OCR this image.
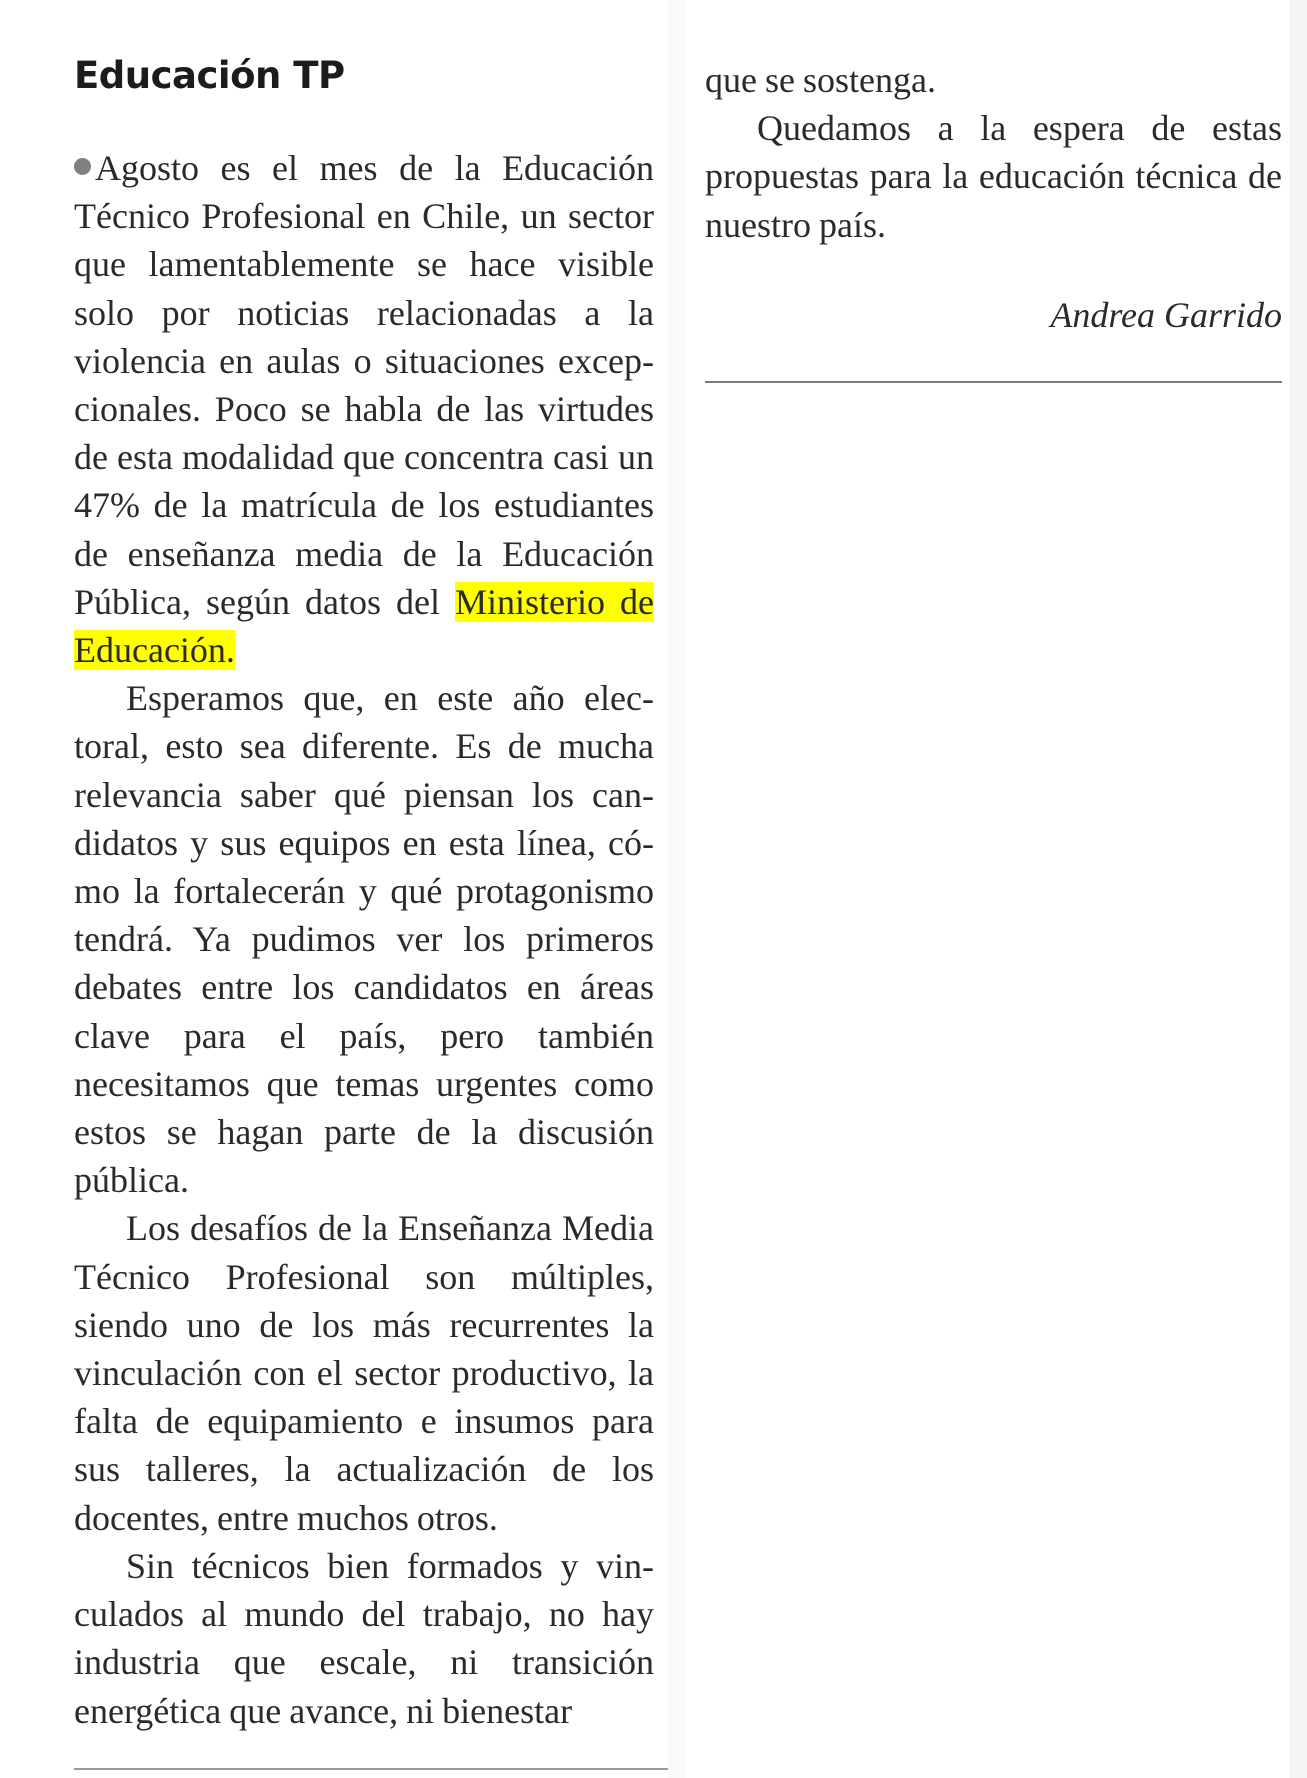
Educación TP

Agosto es el mes de la Educación Técnico Profesional en Chile, un sector que lamentablemente se hace visible solo por noticias relacionadas a la violencia en aulas o situaciones excepcionales. Poco se habla de las virtudes de esta modalidad que concentra casi un 47% de la matrícula de los estudiantes de enseñanza media de la Educación Pública, según datos del Ministerio de Educación.

Esperamos que, en este año electoral, esto sea diferente. Es de mucha relevancia saber qué piensan los candidatos y sus equipos en esta línea, cómo la fortalecerán y qué protagonismo tendrá. Ya pudimos ver los primeros debates entre los candidatos en áreas clave para el país, pero también necesitamos que temas urgentes como estos se hagan parte de la discusión pública.

Los desafíos de la Enseñanza Media Técnico Profesional son múltiples, siendo uno de los más recurrentes la vinculación con el sector productivo, la falta de equipamiento e insumos para sus talleres, la actualización de los docentes, entre muchos otros.

Sin técnicos bien formados y vinculados al mundo del trabajo, no hay industria que escale, ni transición energética que avance, ni bienestar

que se sostenga.

Quedamos a la espera de estas propuestas para la educación técnica de nuestro país.

Andrea Garrido
